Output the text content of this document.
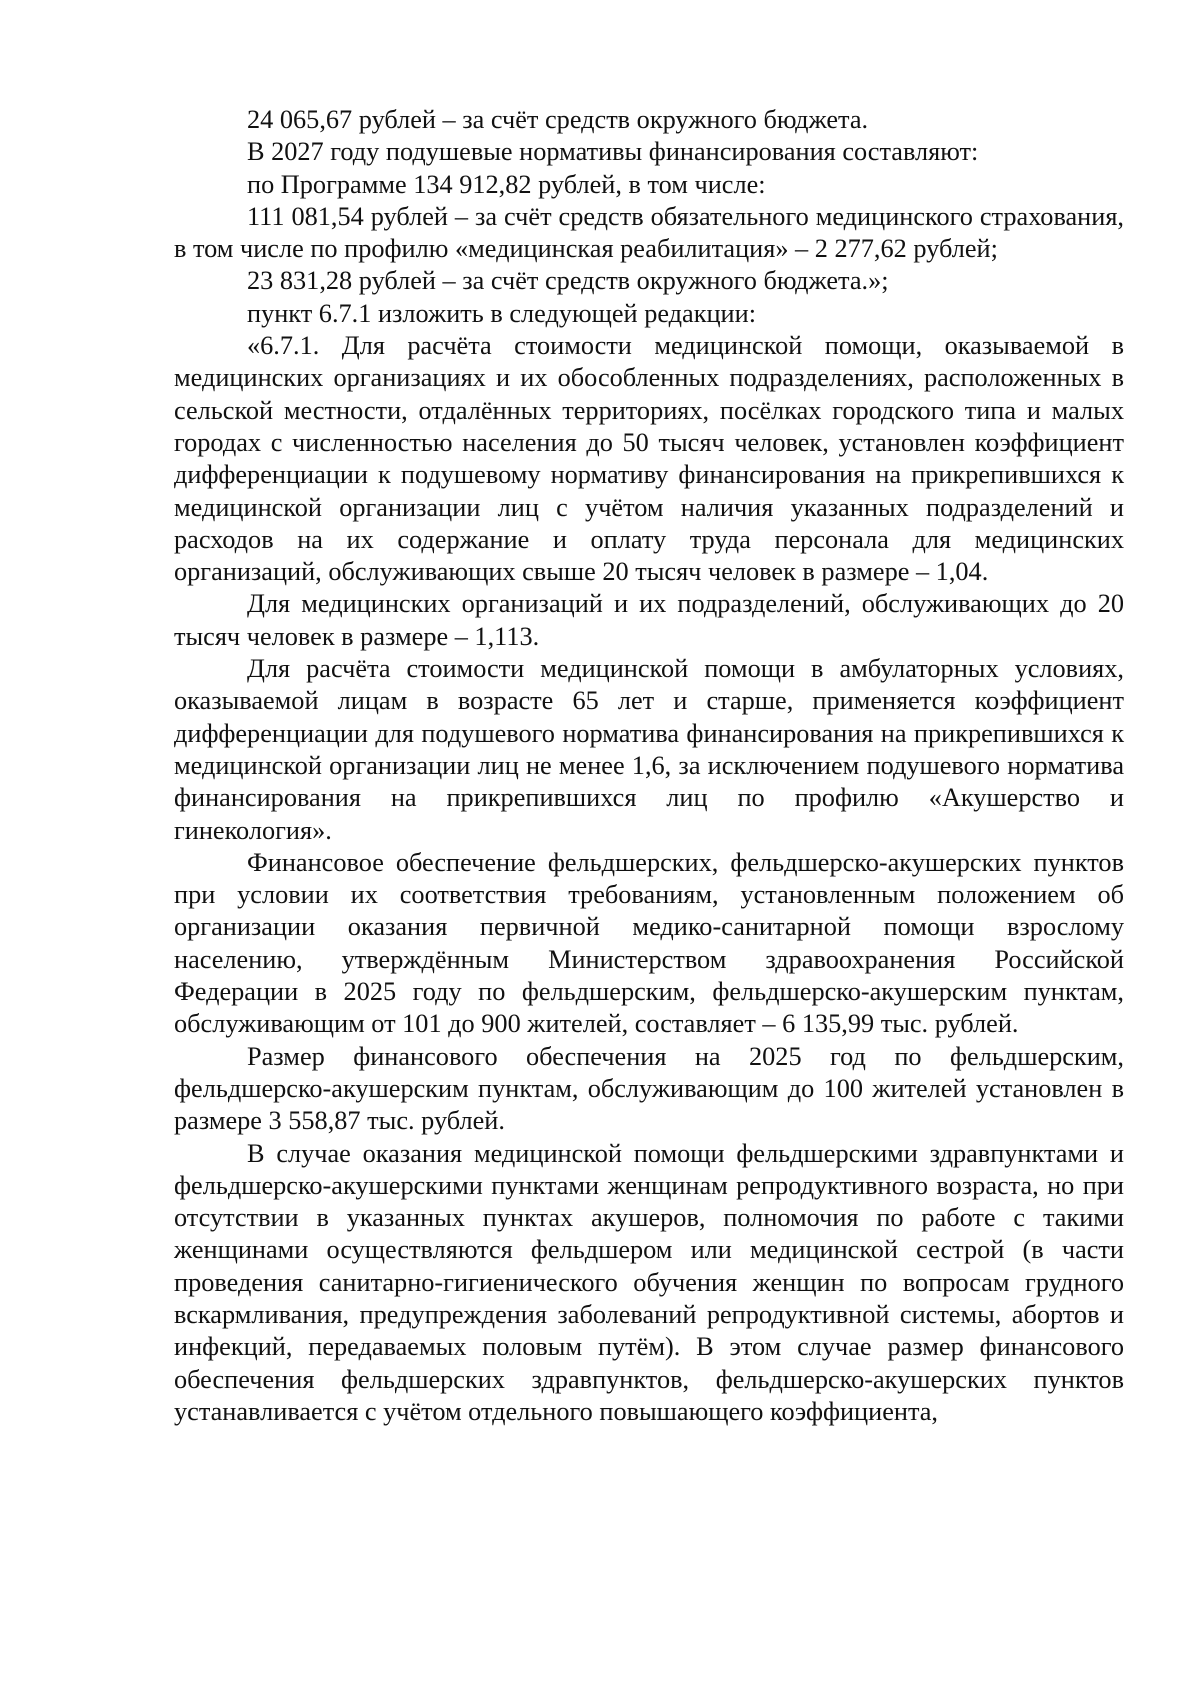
24 065,67 рублей – за счёт средств окружного бюджета.

В 2027 году подушевые нормативы финансирования составляют:

по Программе 134 912,82 рублей, в том числе:

111 081,54 рублей – за счёт средств обязательного медицинского страхования, в том числе по профилю «медицинская реабилитация» – 2 277,62 рублей;

23 831,28 рублей – за счёт средств окружного бюджета.»;

пункт 6.7.1 изложить в следующей редакции:

«6.7.1. Для расчёта стоимости медицинской помощи, оказываемой в медицинских организациях и их обособленных подразделениях, расположенных в сельской местности, отдалённых территориях, посёлках городского типа и малых городах с численностью населения до 50 тысяч человек, установлен коэффициент дифференциации к подушевому нормативу финансирования на прикрепившихся к медицинской организации лиц с учётом наличия указанных подразделений и расходов на их содержание и оплату труда персонала для медицинских организаций, обслуживающих свыше 20 тысяч человек в размере – 1,04.

Для медицинских организаций и их подразделений, обслуживающих до 20 тысяч человек в размере – 1,113.

Для расчёта стоимости медицинской помощи в амбулаторных условиях, оказываемой лицам в возрасте 65 лет и старше, применяется коэффициент дифференциации для подушевого норматива финансирования на прикрепившихся к медицинской организации лиц не менее 1,6, за исключением подушевого норматива финансирования на прикрепившихся лиц по профилю «Акушерство и гинекология».

Финансовое обеспечение фельдшерских, фельдшерско-акушерских пунктов при условии их соответствия требованиям, установленным положением об организации оказания первичной медико-санитарной помощи взрослому населению, утверждённым Министерством здравоохранения Российской Федерации в 2025 году по фельдшерским, фельдшерско-акушерским пунктам, обслуживающим от 101 до 900 жителей, составляет – 6 135,99 тыс. рублей.

Размер финансового обеспечения на 2025 год по фельдшерским, фельдшерско-акушерским пунктам, обслуживающим до 100 жителей установлен в размере 3 558,87 тыс. рублей.

В случае оказания медицинской помощи фельдшерскими здравпунктами и фельдшерско-акушерскими пунктами женщинам репродуктивного возраста, но при отсутствии в указанных пунктах акушеров, полномочия по работе с такими женщинами осуществляются фельдшером или медицинской сестрой (в части проведения санитарно-гигиенического обучения женщин по вопросам грудного вскармливания, предупреждения заболеваний репродуктивной системы, абортов и инфекций, передаваемых половым путём). В этом случае размер финансового обеспечения фельдшерских здравпунктов, фельдшерско-акушерских пунктов устанавливается с учётом отдельного повышающего коэффициента,
